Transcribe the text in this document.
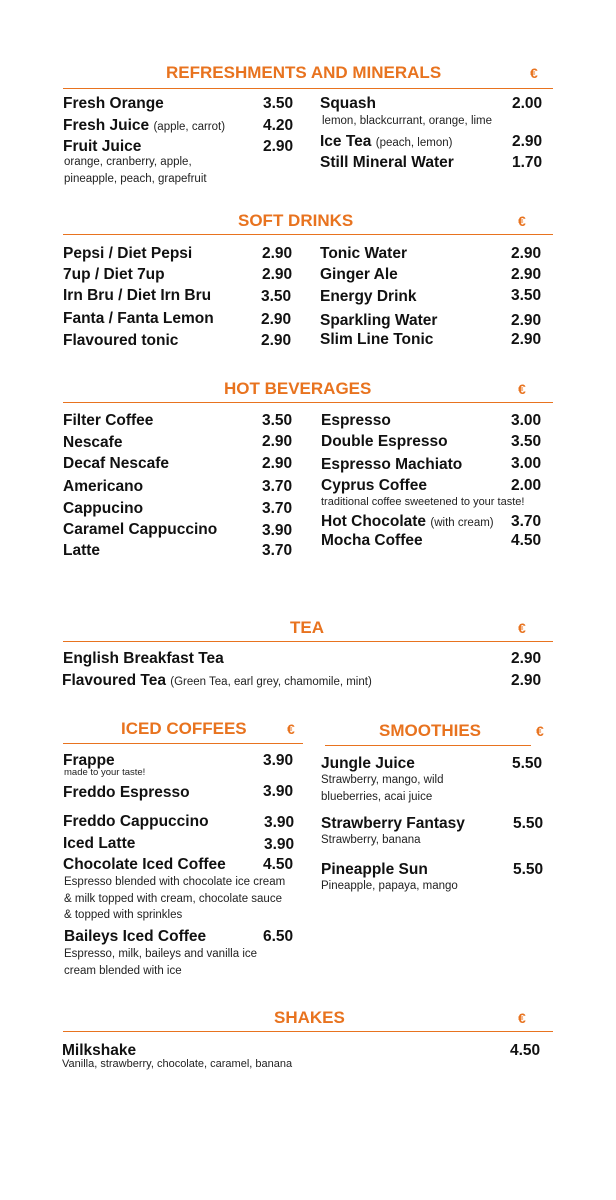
REFRESHMENTS AND MINERALS	€
Fresh Orange	3.50
Fresh Juice (apple, carrot) 4.20
Fruit Juice	2.90
orange, cranberry, apple, pineapple, peach, grapefruit
Squash	2.00
lemon, blackcurrant, orange, lime
Ice Tea (peach, lemon)	2.90
Still Mineral Water	1.70
SOFT DRINKS	€
Pepsi / Diet Pepsi	2.90
7up / Diet 7up	2.90
Irn Bru / Diet Irn Bru	3.50
Fanta / Fanta Lemon	2.90
Flavoured tonic	2.90
Tonic Water	2.90
Ginger Ale	2.90
Energy Drink	3.50
Sparkling Water	2.90
Slim Line Tonic	2.90
HOT BEVERAGES	€
Filter Coffee	3.50
Nescafe	2.90
Decaf Nescafe	2.90
Americano	3.70
Cappucino	3.70
Caramel Cappuccino	3.90
Latte	3.70
Espresso	3.00
Double Espresso	3.50
Espresso Machiato	3.00
Cyprus Coffee	2.00
traditional coffee sweetened to your taste!
Hot Chocolate (with cream) 3.70
Mocha Coffee	4.50
TEA	€
English Breakfast Tea	2.90
Flavoured Tea (Green Tea, earl grey, chamomile, mint)	2.90
ICED COFFEES	€
Frappe	3.90
made to your taste!
Freddo Espresso	3.90
Freddo Cappuccino	3.90
Iced Latte	3.90
Chocolate Iced Coffee 4.50
Espresso blended with chocolate ice cream & milk topped with cream, chocolate sauce & topped with sprinkles
Baileys Iced Coffee	6.50
Espresso, milk, baileys and vanilla ice cream blended with ice
SMOOTHIES	€
Jungle Juice	5.50
Strawberry, mango, wild blueberries, acai juice
Strawberry Fantasy	5.50
Strawberry, banana
Pineapple Sun	5.50
Pineapple, papaya, mango
SHAKES	€
Milkshake	4.50
Vanilla, strawberry, chocolate, caramel, banana
